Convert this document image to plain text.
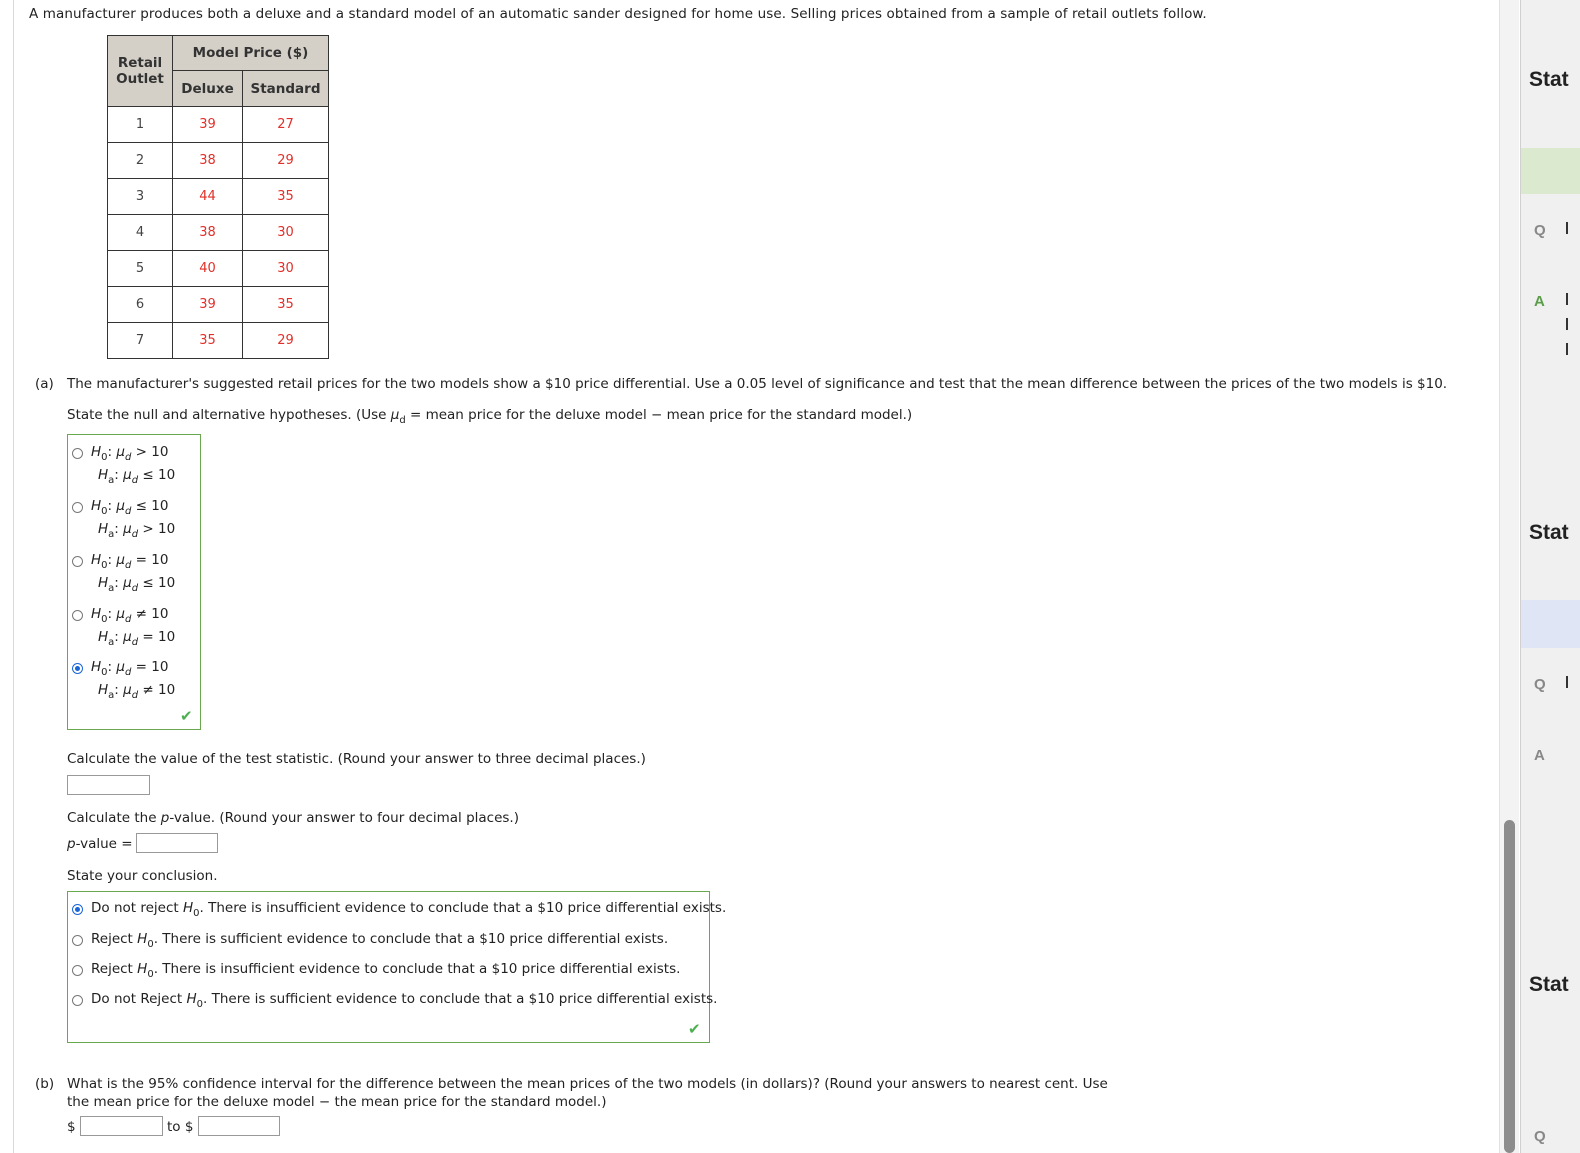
A manufacturer produces both a deluxe and a standard model of an automatic sander designed for home use. Selling prices obtained from a sample of retail outlets follow.
Retail Outlet	Model Price ($)	
	Deluxe	Standard
1	39	27
2	38	29
3	44	35
4	38	30
5	40	30
6	39	35
7	35	29
(a) The manufacturer's suggested retail prices for the two models show a $10 price differential. Use a 0.05 level of significance and test that the mean difference between the prices of the two models is $10.
State the null and alternative hypotheses. (Use $\mu_d$ = mean price for the deluxe model − mean price for the standard model.)
$H_0$: $\mu_d > 10$
$H_a$: $\mu_d \le 10$
$H_0$: $\mu_d \le 10$
$H_a$: $\mu_d > 10$
$H_0$: $\mu_d = 10$
$H_a$: $\mu_d \le 10$
$H_0$: $\mu_d \ne 10$
$H_a$: $\mu_d = 10$
$H_0$: $\mu_d = 10$
$H_a$: $\mu_d \ne 10$
✔
Calculate the value of the test statistic. (Round your answer to three decimal places.)
Calculate the p-value. (Round your answer to four decimal places.)
p-value =
State your conclusion.
Do not reject $H_0$. There is insufficient evidence to conclude that a $10 price differential exists.
Reject $H_0$. There is sufficient evidence to conclude that a $10 price differential exists.
Reject $H_0$. There is insufficient evidence to conclude that a $10 price differential exists.
Do not Reject $H_0$. There is sufficient evidence to conclude that a $10 price differential exists.
✔
(b) What is the 95% confidence interval for the difference between the mean prices of the two models (in dollars)? (Round your answers to nearest cent. Use
the mean price for the deluxe model − the mean price for the standard model.)
$	to $
Stat
Q
A
Stat
Q
A
Stat
Q
